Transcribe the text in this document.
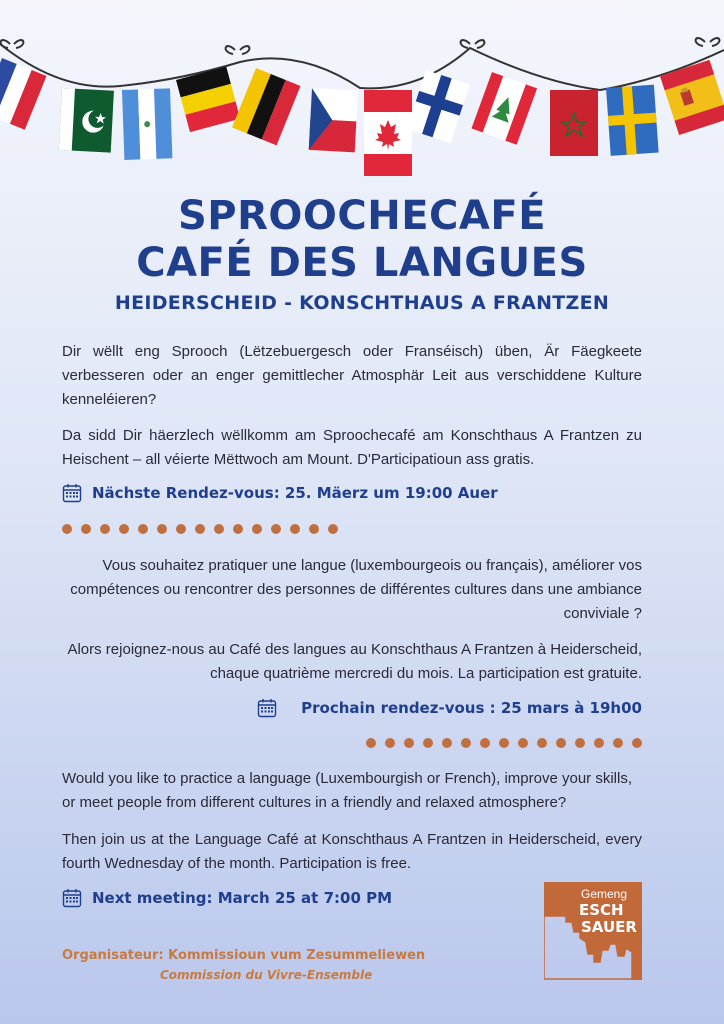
SPROOCHECAFÉ
CAFÉ DES LANGUES
HEIDERSCHEID - KONSCHTHAUS A FRANTZEN

Dir wëllt eng Sprooch (Lëtzebuergesch oder Franséisch) üben, Är Fäegkeete verbesseren oder an enger gemittlecher Atmosphär Leit aus verschiddene Kulture kenneléieren?

Da sidd Dir häerzlech wëllkomm am Sproochecafé am Konschthaus A Frantzen zu Heischent – all véierte Mëttwoch am Mount. D'Participatioun ass gratis.

Nächste Rendez-vous: 25. Mäerz um 19:00 Auer

Vous souhaitez pratiquer une langue (luxembourgeois ou français), améliorer vos compétences ou rencontrer des personnes de différentes cultures dans une ambiance conviviale ?

Alors rejoignez-nous au Café des langues au Konschthaus A Frantzen à Heiderscheid, chaque quatrième mercredi du mois. La participation est gratuite.

Prochain rendez-vous : 25 mars à 19h00

Would you like to practice a language (Luxembourgish or French), improve your skills, or meet people from different cultures in a friendly and relaxed atmosphere?

Then join us at the Language Café at Konschthaus A Frantzen in Heiderscheid, every fourth Wednesday of the month. Participation is free.

Next meeting: March 25 at 7:00 PM
Organisateur: Kommissioun vum Zesummeliewen
Commission du Vivre-Ensemble
Gemeng
ESCH
SAUER
